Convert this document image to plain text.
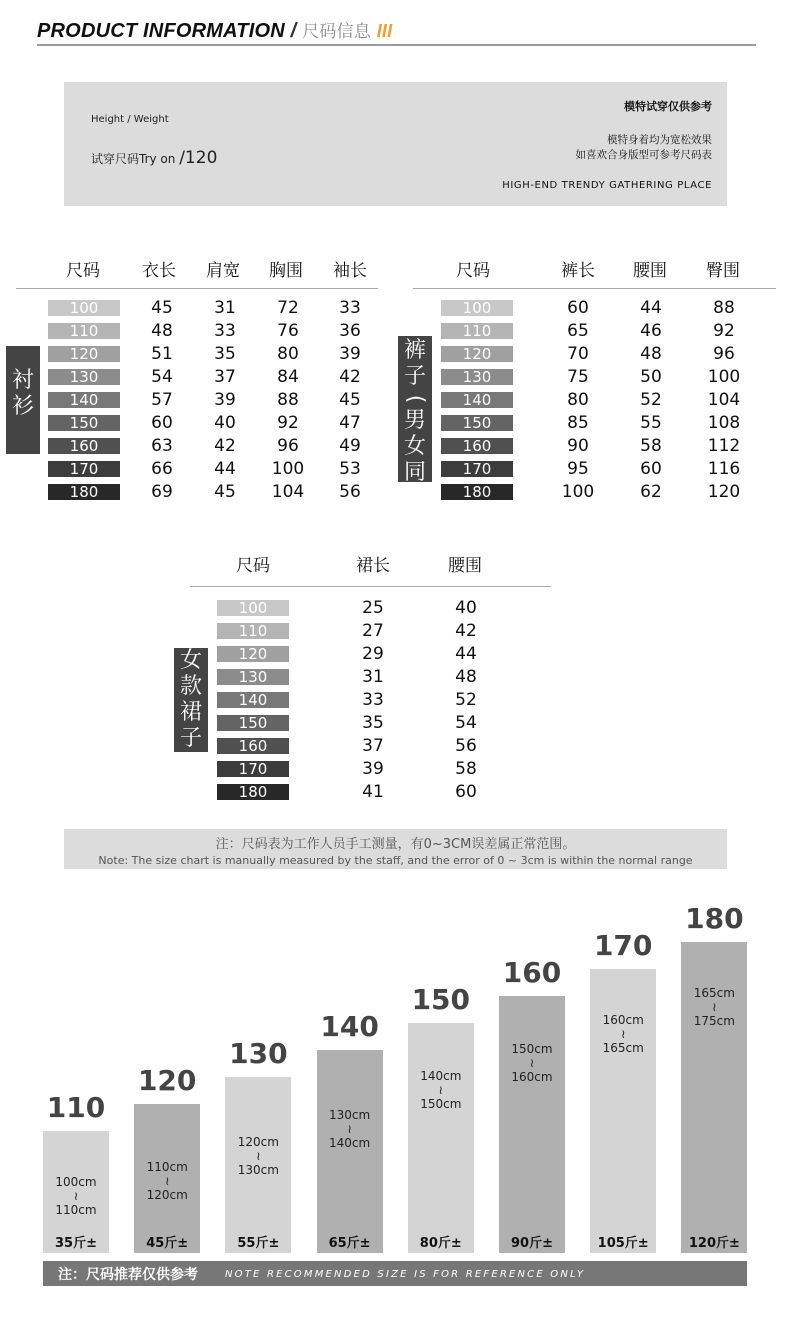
PRODUCT INFORMATION / 尺码信息 III
Height / Weight
试穿尺码Try on /120
模特试穿仅供参考
模特身着均为宽松效果
如喜欢合身版型可参考尺码表
HIGH-END TRENDY GATHERING PLACE
尺码 衣长 肩宽 胸围 袖长
100	45	31	72	33
110	48	33	76	36
120	51	35	80	39
130	54	37	84	42
140	57	39	88	45
150	60	40	92	47
160	63	42	96	49
170	66	44	100	53
180	69	45	104	56
衬
衫
尺码	裤长 腰围 臀围
100	60	44	88
110	65	46	92
120	70	48	96
130	75	50	100
140	80	52	104
150	85	55	108
160	90	58	112
170	95	60	116
180	100	62	120
裤
子
(
男
女
同
款
)
尺码	裙长	腰围
100	25	40
110	27	42
120	29	44
130	31	48
140	33	52
150	35	54
160	37	56
170	39	58
180	41	60
女
款
裙
子
注：尺码表为工作人员手工测量，有0~3CM误差属正常范围。
Note: The size chart is manually measured by the staff, and the error of 0 ~ 3cm is within the normal range
110
100cm
≀
110cm
35斤±
120
110cm
≀
120cm
45斤±
130
120cm
≀
130cm
55斤±
140
130cm
≀
140cm
65斤±
150
140cm
≀
150cm
80斤±
160
150cm
≀
160cm
90斤±
170
160cm
≀
165cm
105斤±
180
165cm
≀
175cm
120斤±
注：尺码推荐仅供参考	NOTE RECOMMENDED SIZE IS FOR REFERENCE ONLY
